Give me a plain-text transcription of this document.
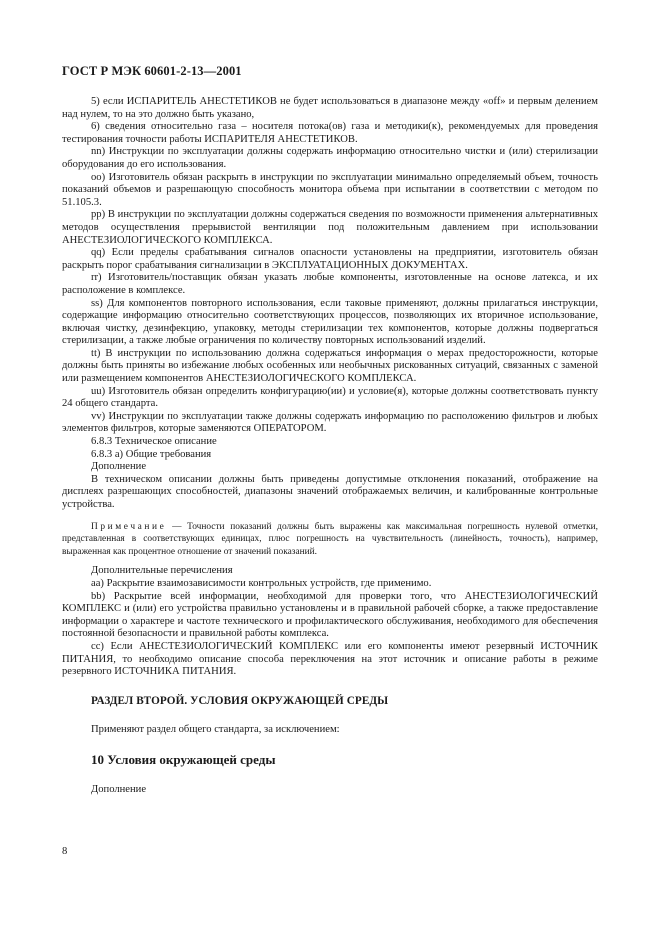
ГОСТ Р МЭК 60601-2-13—2001

5) если ИСПАРИТЕЛЬ АНЕСТЕТИКОВ не будет использоваться в диапазоне между «off» и первым делением над нулем, то на это должно быть указано,

6) сведения относительно газа – носителя потока(ов) газа и методики(к), рекомендуемых для проведения тестирования точности работы ИСПАРИТЕЛЯ АНЕСТЕТИКОВ.

nn) Инструкции по эксплуатации должны содержать информацию относительно чистки и (или) стерилизации оборудования до его использования.

oo) Изготовитель обязан раскрыть в инструкции по эксплуатации минимально определяемый объем, точность показаний объемов и разрешающую способность монитора объема при испытании в соответствии с методом по 51.105.3.

pp) В инструкции по эксплуатации должны содержаться сведения по возможности применения альтернативных методов осуществления прерывистой вентиляции под положительным давлением при использовании АНЕСТЕЗИОЛОГИЧЕСКОГО КОМПЛЕКСА.

qq) Если пределы срабатывания сигналов опасности установлены на предприятии, изготовитель обязан раскрыть порог срабатывания сигнализации в ЭКСПЛУАТАЦИОННЫХ ДОКУМЕНТАХ.

rr) Изготовитель/поставщик обязан указать любые компоненты, изготовленные на основе латекса, и их расположение в комплексе.

ss) Для компонентов повторного использования, если таковые применяют, должны прилагаться инструкции, содержащие информацию относительно соответствующих процессов, позволяющих их вторичное использование, включая чистку, дезинфекцию, упаковку, методы стерилизации тех компонентов, которые должны подвергаться стерилизации, а также любые ограничения по количеству повторных использований изделий.

tt) В инструкции по использованию должна содержаться информация о мерах предосторожности, которые должны быть приняты во избежание любых особенных или необычных рискованных ситуаций, связанных с заменой или размещением компонентов АНЕСТЕЗИОЛОГИЧЕСКОГО КОМПЛЕКСА.

uu) Изготовитель обязан определить конфигурацию(ии) и условие(я), которые должны соответствовать пункту 24 общего стандарта.

vv) Инструкции по эксплуатации также должны содержать информацию по расположению фильтров и любых элементов фильтров, которые заменяются ОПЕРАТОРОМ.

6.8.3 Техническое описание

6.8.3 а) Общие требования

Дополнение

В техническом описании должны быть приведены допустимые отклонения показаний, отображение на дисплеях разрешающих способностей, диапазоны значений отображаемых величин, и калиброванные контрольные устройства.

Примечание — Точности показаний должны быть выражены как максимальная погрешность нулевой отметки, представленная в соответствующих единицах, плюс погрешность на чувствительность (линейность, точность), например, выраженная как процентное отношение от значений показаний.

Дополнительные перечисления

aa) Раскрытие взаимозависимости контрольных устройств, где применимо.

bb) Раскрытие всей информации, необходимой для проверки того, что АНЕСТЕЗИОЛОГИЧЕСКИЙ КОМПЛЕКС и (или) его устройства правильно установлены и в правильной рабочей сборке, а также предоставление информации о характере и частоте технического и профилактического обслуживания, необходимого для обеспечения постоянной безопасности и правильной работы комплекса.

cc) Если АНЕСТЕЗИОЛОГИЧЕСКИЙ КОМПЛЕКС или его компоненты имеют резервный ИСТОЧНИК ПИТАНИЯ, то необходимо описание способа переключения на этот источник и описание работы в режиме резервного ИСТОЧНИКА ПИТАНИЯ.

РАЗДЕЛ ВТОРОЙ. УСЛОВИЯ ОКРУЖАЮЩЕЙ СРЕДЫ

Применяют раздел общего стандарта, за исключением:

10 Условия окружающей среды

Дополнение

8
